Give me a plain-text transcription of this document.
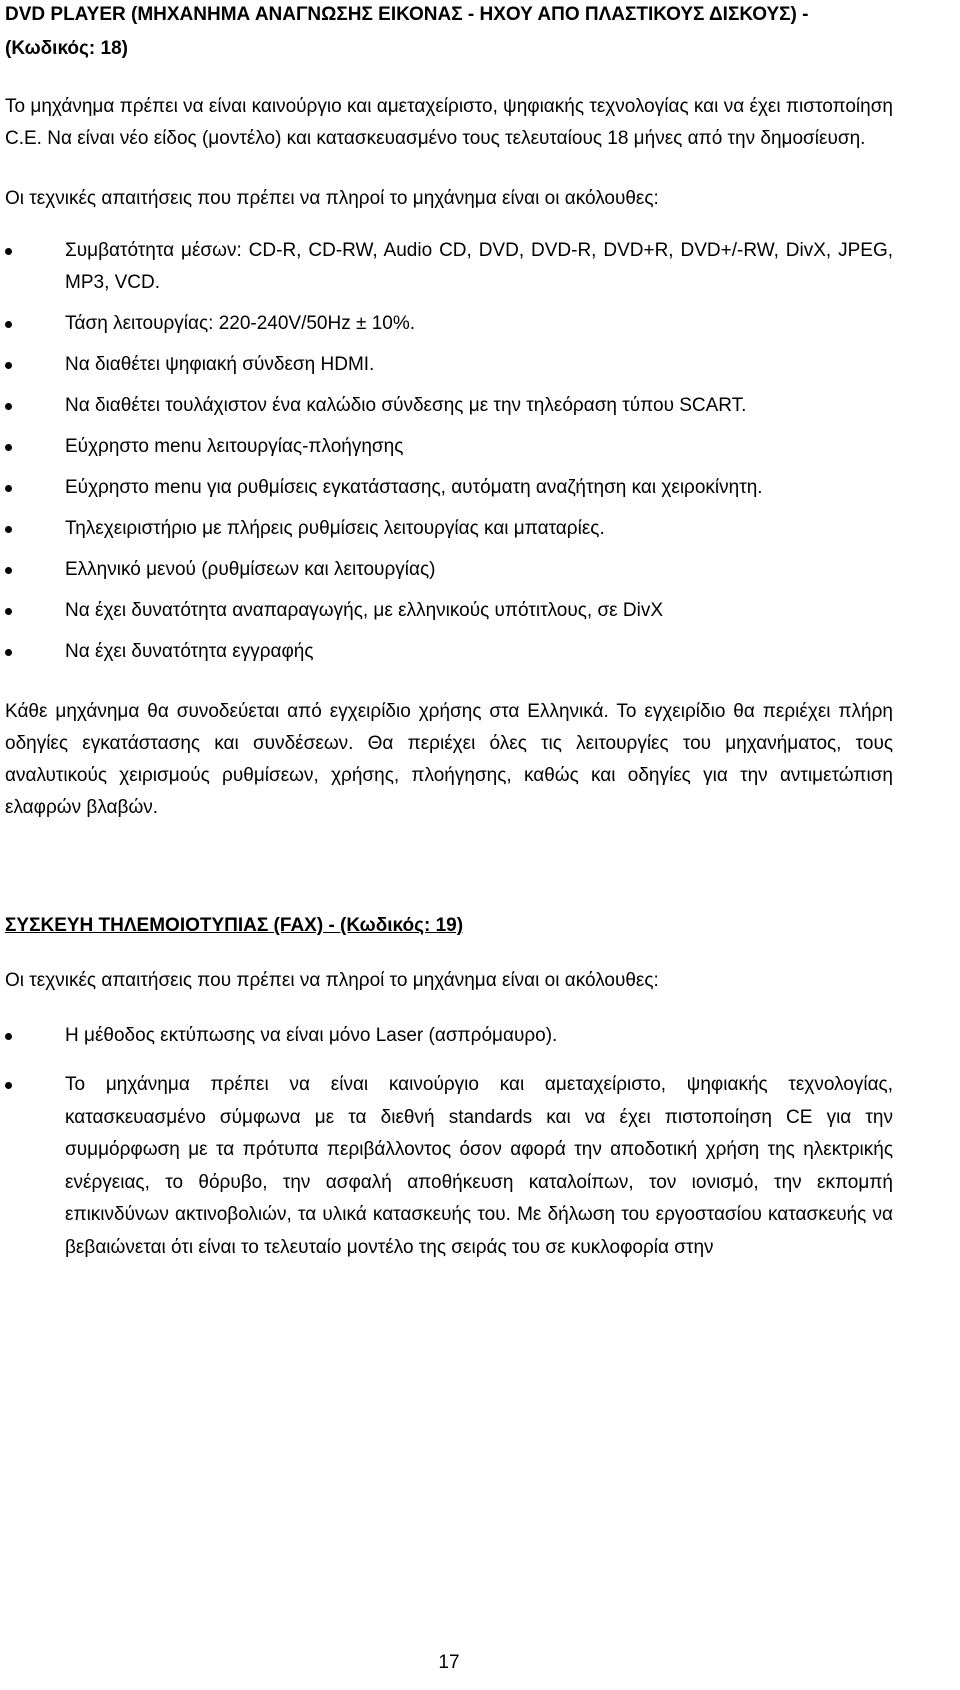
DVD PLAYER (ΜΗΧΑΝΗΜΑ ΑΝΑΓΝΩΣΗΣ ΕΙΚΟΝΑΣ - ΗΧΟΥ ΑΠΟ ΠΛΑΣΤΙΚΟΥΣ ΔΙΣΚΟΥΣ) - (Κωδικός: 18)

Το μηχάνημα πρέπει να είναι καινούργιο και αμεταχείριστο, ψηφιακής τεχνολογίας και να έχει πιστοποίηση C.E. Να είναι νέο είδος (μοντέλο) και κατασκευασμένο τους τελευταίους 18 μήνες από την δημοσίευση.

Οι τεχνικές απαιτήσεις που πρέπει να πληροί το μηχάνημα είναι οι ακόλουθες:

Συμβατότητα μέσων: CD-R, CD-RW, Audio CD, DVD, DVD-R, DVD+R, DVD+/-RW, DivX, JPEG, MP3, VCD.
Τάση λειτουργίας: 220-240V/50Hz ± 10%.
Να διαθέτει ψηφιακή σύνδεση HDMI.
Να διαθέτει τουλάχιστον ένα καλώδιο σύνδεσης με την τηλεόραση τύπου SCART.
Εύχρηστο menu λειτουργίας-πλοήγησης
Εύχρηστο menu για ρυθμίσεις εγκατάστασης, αυτόματη αναζήτηση και χειροκίνητη.
Τηλεχειριστήριο με πλήρεις ρυθμίσεις λειτουργίας και μπαταρίες.
Ελληνικό μενού (ρυθμίσεων και λειτουργίας)
Να έχει δυνατότητα αναπαραγωγής, με ελληνικούς υπότιτλους, σε DivX
Να έχει δυνατότητα εγγραφής

Κάθε μηχάνημα θα συνοδεύεται από εγχειρίδιο χρήσης στα Ελληνικά. Το εγχειρίδιο θα περιέχει πλήρη οδηγίες εγκατάστασης και συνδέσεων. Θα περιέχει όλες τις λειτουργίες του μηχανήματος, τους αναλυτικούς χειρισμούς ρυθμίσεων, χρήσης, πλοήγησης, καθώς και οδηγίες για την αντιμετώπιση ελαφρών βλαβών.

ΣΥΣΚΕΥΗ ΤΗΛΕΜΟΙΟΤΥΠΙΑΣ (FAX) - (Κωδικός: 19)

Οι τεχνικές απαιτήσεις που πρέπει να πληροί το μηχάνημα είναι οι ακόλουθες:

Η μέθοδος εκτύπωσης να είναι μόνο Laser (ασπρόμαυρο).
Το μηχάνημα πρέπει να είναι καινούργιο και αμεταχείριστο, ψηφιακής τεχνολογίας, κατασκευασμένο σύμφωνα με τα διεθνή standards και να έχει πιστοποίηση CE για την συμμόρφωση με τα πρότυπα περιβάλλοντος όσον αφορά την αποδοτική χρήση της ηλεκτρικής ενέργειας, το θόρυβο, την ασφαλή αποθήκευση καταλοίπων, τον ιονισμό, την εκπομπή επικινδύνων ακτινοβολιών, τα υλικά κατασκευής του. Με δήλωση του εργοστασίου κατασκευής να βεβαιώνεται ότι είναι το τελευταίο μοντέλο της σειράς του σε κυκλοφορία στην
17
